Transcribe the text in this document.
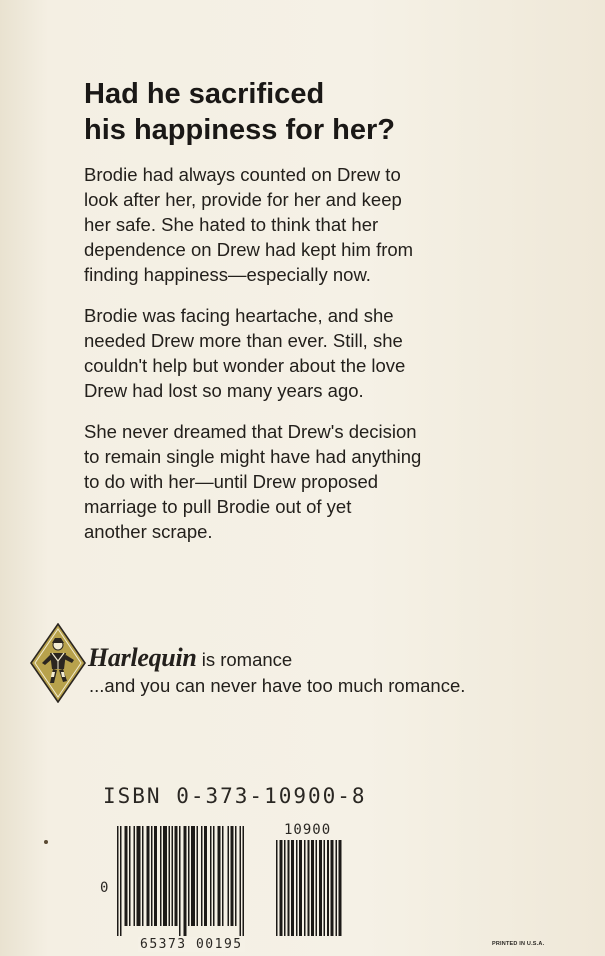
Had he sacrificed
his happiness for her?

Brodie had always counted on Drew to
look after her, provide for her and keep
her safe. She hated to think that her
dependence on Drew had kept him from
finding happiness—especially now.

Brodie was facing heartache, and she
needed Drew more than ever. Still, she
couldn't help but wonder about the love
Drew had lost so many years ago.

She never dreamed that Drew's decision
to remain single might have had anything
to do with her—until Drew proposed
marriage to pull Brodie out of yet
another scrape.

Harlequin is romance
...and you can never have too much romance.
ISBN 0-373-10900-8
10900
0
65373 00195	PRINTED IN U.S.A.
